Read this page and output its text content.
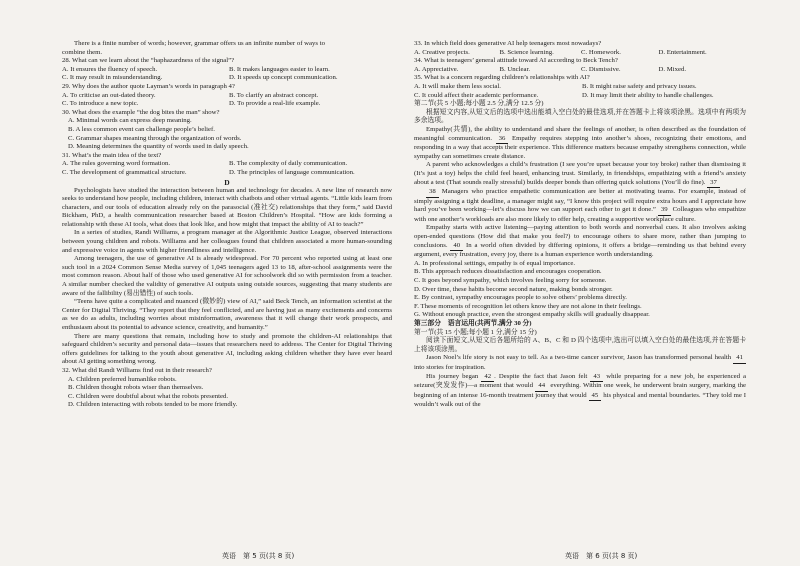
There is a finite number of words; however, grammar offers us an infinite number of ways to

combine them.

28. What can we learn about the “haphazardness of the signal”?

A. It ensures the fluency of speech.	B. It makes languages easier to learn.

C. It may result in misunderstanding.	D. It speeds up concept communication.

29. Why does the author quote Layman’s words in paragraph 4?

A. To criticise an out-dated theory.	B. To clarify an abstract concept.

C. To introduce a new topic.	D. To provide a real-life example.

30. What does the example “the dog bites the man” show?

A. Minimal words can express deep meaning.

B. A less common event can challenge people’s belief.

C. Grammar shapes meaning through the organization of words.

D. Meaning determines the quantity of words used in daily speech.

31. What’s the main idea of the text?

A. The rules governing word formation.	B. The complexity of daily communication.

C. The development of grammatical structure.	D. The principles of language communication.

D

Psychologists have studied the interaction between human and technology for decades. A new line of research now seeks to understand how people, including children, interact with chatbots and other virtual agents. “Little kids learn from characters, and our tools of education already rely on the parasocial (准社交) relationships that they form,” said David Bickham, PhD, a health communication researcher based at Boston Children’s Hospital. “How are kids forming a relationship with these AI tools, what does that look like, and how might that impact the ability of AI to teach?”

In a series of studies, Randi Williams, a program manager at the Algorithmic Justice League, observed interactions between young children and robots. Williams and her colleagues found that children associated a more human-sounding and expressive voice in agents with higher friendliness and intelligence.

Among teenagers, the use of generative AI is already widespread. For 70 percent who reported using at least one such tool in a 2024 Common Sense Media survey of 1,045 teenagers aged 13 to 18, after-school assignments were the most common reason. About half of those who used generative AI for schoolwork did so with permission from a teacher. A similar number checked the validity of generative AI outputs using outside sources, suggesting that many students are aware of the fallibility (易出错性) of such tools.

“Teens have quite a complicated and nuanced (微妙的) view of AI,” said Beck Tench, an information scientist at the Center for Digital Thriving. “They report that they feel conflicted, and are having just as many excitements and concerns as we do as adults, including worries about misinformation, awareness that it will change their work prospects, and enthusiasm about its potential to advance science, creativity, and humanity.”

There are many questions that remain, including how to study and promote the children-AI relationships that safeguard children’s security and personal data—issues that researchers need to address. The Center for Digital Thriving offers guidelines for talking to the youth about generative AI, including asking children whether they have ever heard about AI getting something wrong.

32. What did Randi Williams find out in their research?

A. Children preferred humanlike robots.

B. Children thought robots wiser than themselves.

C. Children were doubtful about what the robots presented.

D. Children interacting with robots tended to be more friendly.

33. In which field does generative AI help teenagers most nowadays?

A. Creative projects.	B. Science learning.	C. Homework.	D. Entertainment.

34. What is teenagers’ general attitude toward AI according to Beck Tench?

A. Appreciative.	B. Unclear.	C. Dismissive.	D. Mixed.

35. What is a concern regarding children’s relationships with AI?

A. It will make them less social.	B. It might raise safety and privacy issues.

C. It could affect their academic performance.	D. It may limit their ability to handle challenges.

第二节(共 5 小题;每小题 2.5 分,满分 12.5 分)

根据短文内容,从短文后的选项中选出能填入空白处的最佳选项,并在答题卡上将该项涂黑。选项中有两项为多余选项。

Empathy(共情), the ability to understand and share the feelings of another, is often described as the foundation of meaningful communication. 36 Empathy requires stepping into another’s shoes, recognizing their emotions, and responding in a way that accepts their experience. This difference matters because empathy strengthens connection, while sympathy can sometimes create distance.

A parent who acknowledges a child’s frustration (I see you’re upset because your toy broke) rather than dismissing it (It’s just a toy) helps the child feel heard, enhancing trust. Similarly, in friendships, empathizing with a friend’s anxiety about a test (That sounds really stressful) builds deeper bonds than offering quick solutions (You’ll do fine). 37

38 Managers who practice empathetic communication are better at motivating teams. For example, instead of simply assigning a tight deadline, a manager might say, “I know this project will require extra hours and I appreciate how hard you’ve been working—let’s discuss how we can support each other to get it done.” 39 Colleagues who empathize with one another’s workloads are also more likely to offer help, creating a supportive workplace culture.

Empathy starts with active listening—paying attention to both words and nonverbal cues. It also involves asking open-ended questions (How did that make you feel?) to encourage others to share more, rather than jumping to conclusions. 40 In a world often divided by differing opinions, it offers a bridge—reminding us that behind every argument, every frustration, every joy, there is a human experience worth understanding.

A. In professional settings, empathy is of equal importance.

B. This approach reduces dissatisfaction and encourages cooperation.

C. It goes beyond sympathy, which involves feeling sorry for someone.

D. Over time, these habits become second nature, making bonds stronger.

E. By contrast, sympathy encourages people to solve others’ problems directly.

F. These moments of recognition let others know they are not alone in their feelings.

G. Without enough practice, even the strongest empathy skills will gradually disappear.

第三部分　语言运用(共两节,满分 30 分)

第一节(共 15 小题;每小题 1 分,满分 15 分)

阅读下面短文,从短文后各题所给的 A、B、C 和 D 四个选项中,选出可以填入空白处的最佳选项,并在答题卡上将该项涂黑。

Jason Noel’s life story is not easy to tell. As a two-time cancer survivor, Jason has transformed personal health 41 into stories for inspiration.

His journey began 42 . Despite the fact that Jason felt 43 while preparing for a new job, he experienced a seizure(突发发作)—a moment that would 44 everything. Within one week, he underwent brain surgery, marking the beginning of an intense 16-month treatment journey that would 45 his physical and mental boundaries. “They told me I wouldn’t walk out of the

英语　第 5 页(共 8 页)	英语　第 6 页(共 8 页)
